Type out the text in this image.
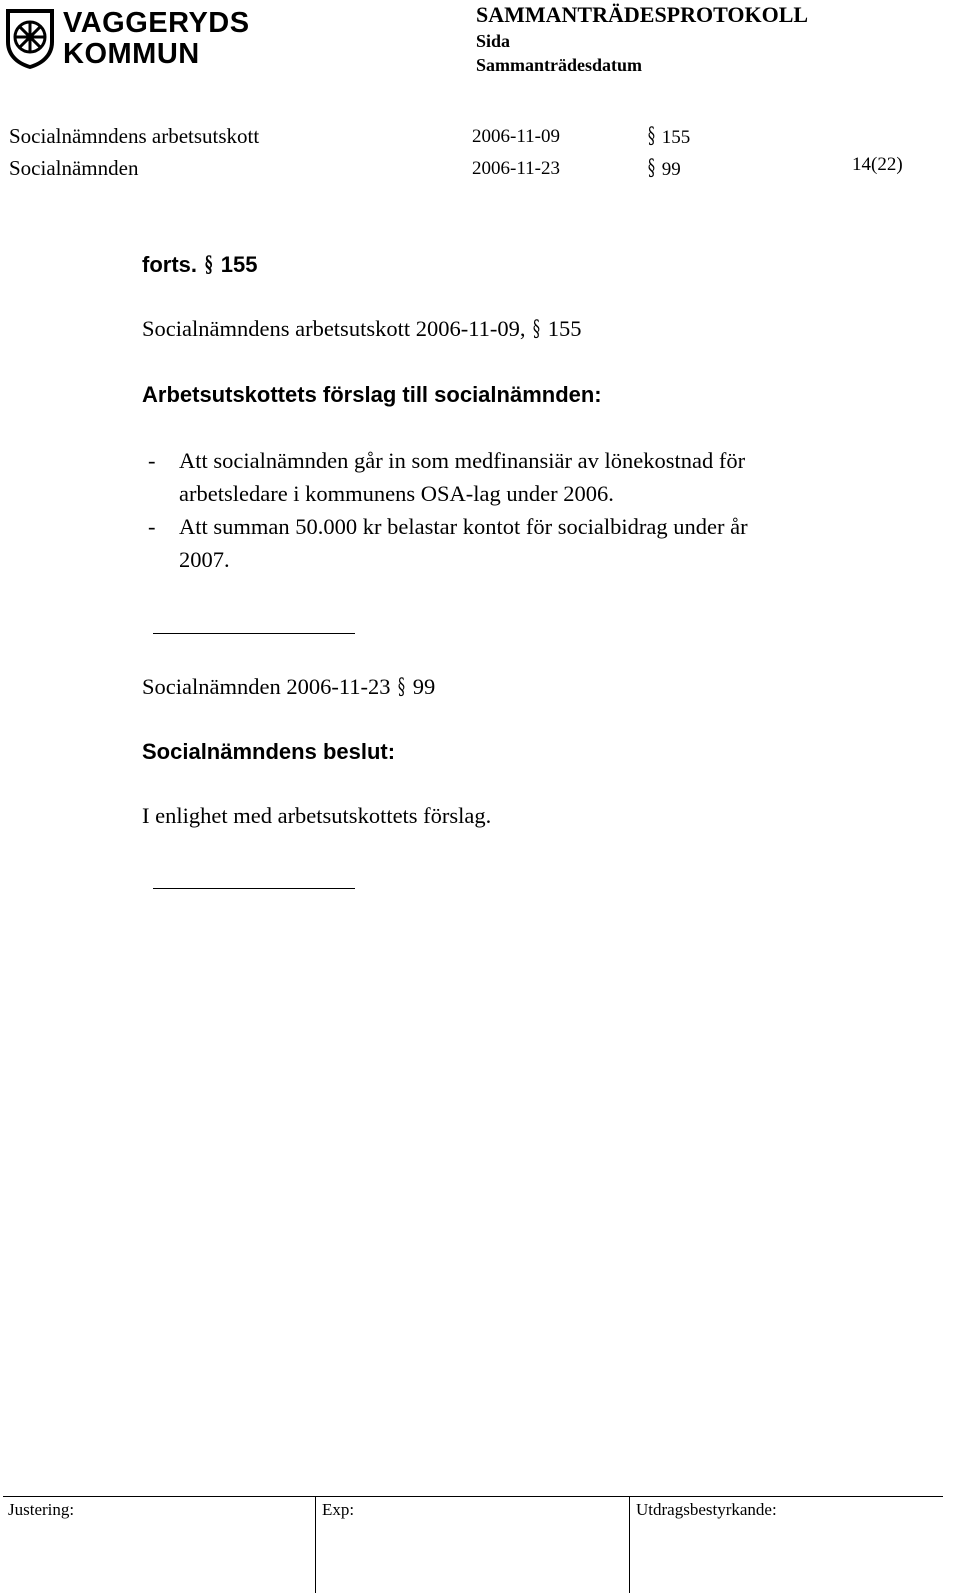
VAGGERYDS
KOMMUN
SAMMANTRÄDESPROTOKOLL
Sida
Sammanträdesdatum
Socialnämndens arbetsutskott	2006-11-09	§ 155
Socialnämnden	2006-11-23	§ 99	14(22)
forts. § 155
Socialnämndens arbetsutskott 2006-11-09, § 155
Arbetsutskottets förslag till socialnämnden:
- Att socialnämnden går in som medfinansiär av lönekostnad för
arbetsledare i kommunens OSA-lag under 2006.
- Att summan 50.000 kr belastar kontot för socialbidrag under år
2007.
Socialnämnden 2006-11-23 § 99
Socialnämndens beslut:
I enlighet med arbetsutskottets förslag.
Justering:	Exp:	Utdragsbestyrkande:
